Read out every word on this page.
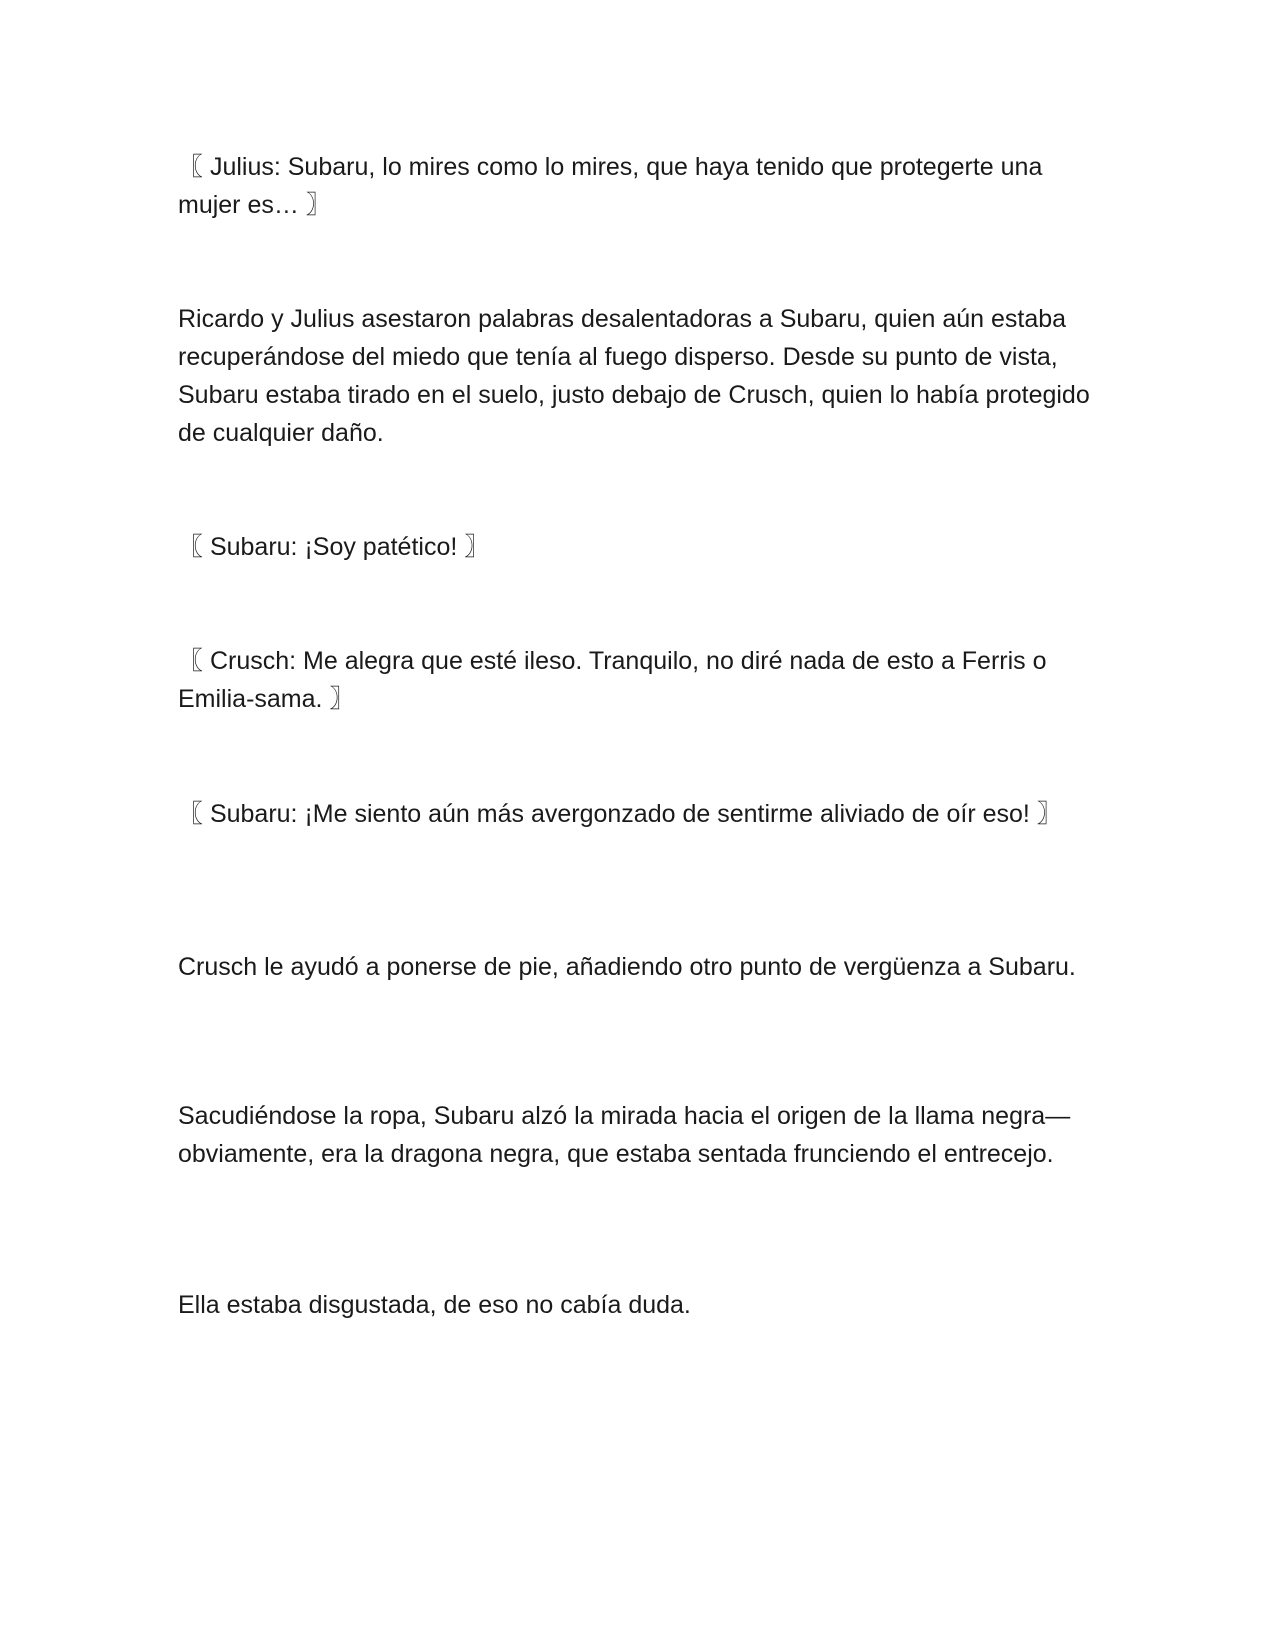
〖 Julius: Subaru, lo mires como lo mires, que haya tenido que protegerte una mujer es… 〗

Ricardo y Julius asestaron palabras desalentadoras a Subaru, quien aún estaba recuperándose del miedo que tenía al fuego disperso. Desde su punto de vista, Subaru estaba tirado en el suelo, justo debajo de Crusch, quien lo había protegido de cualquier daño.

〖 Subaru: ¡Soy patético! 〗

〖 Crusch: Me alegra que esté ileso. Tranquilo, no diré nada de esto a Ferris o Emilia-sama. 〗

〖 Subaru: ¡Me siento aún más avergonzado de sentirme aliviado de oír eso! 〗

Crusch le ayudó a ponerse de pie, añadiendo otro punto de vergüenza a Subaru.

Sacudiéndose la ropa, Subaru alzó la mirada hacia el origen de la llama negra—obviamente, era la dragona negra, que estaba sentada frunciendo el entrecejo.

Ella estaba disgustada, de eso no cabía duda.
